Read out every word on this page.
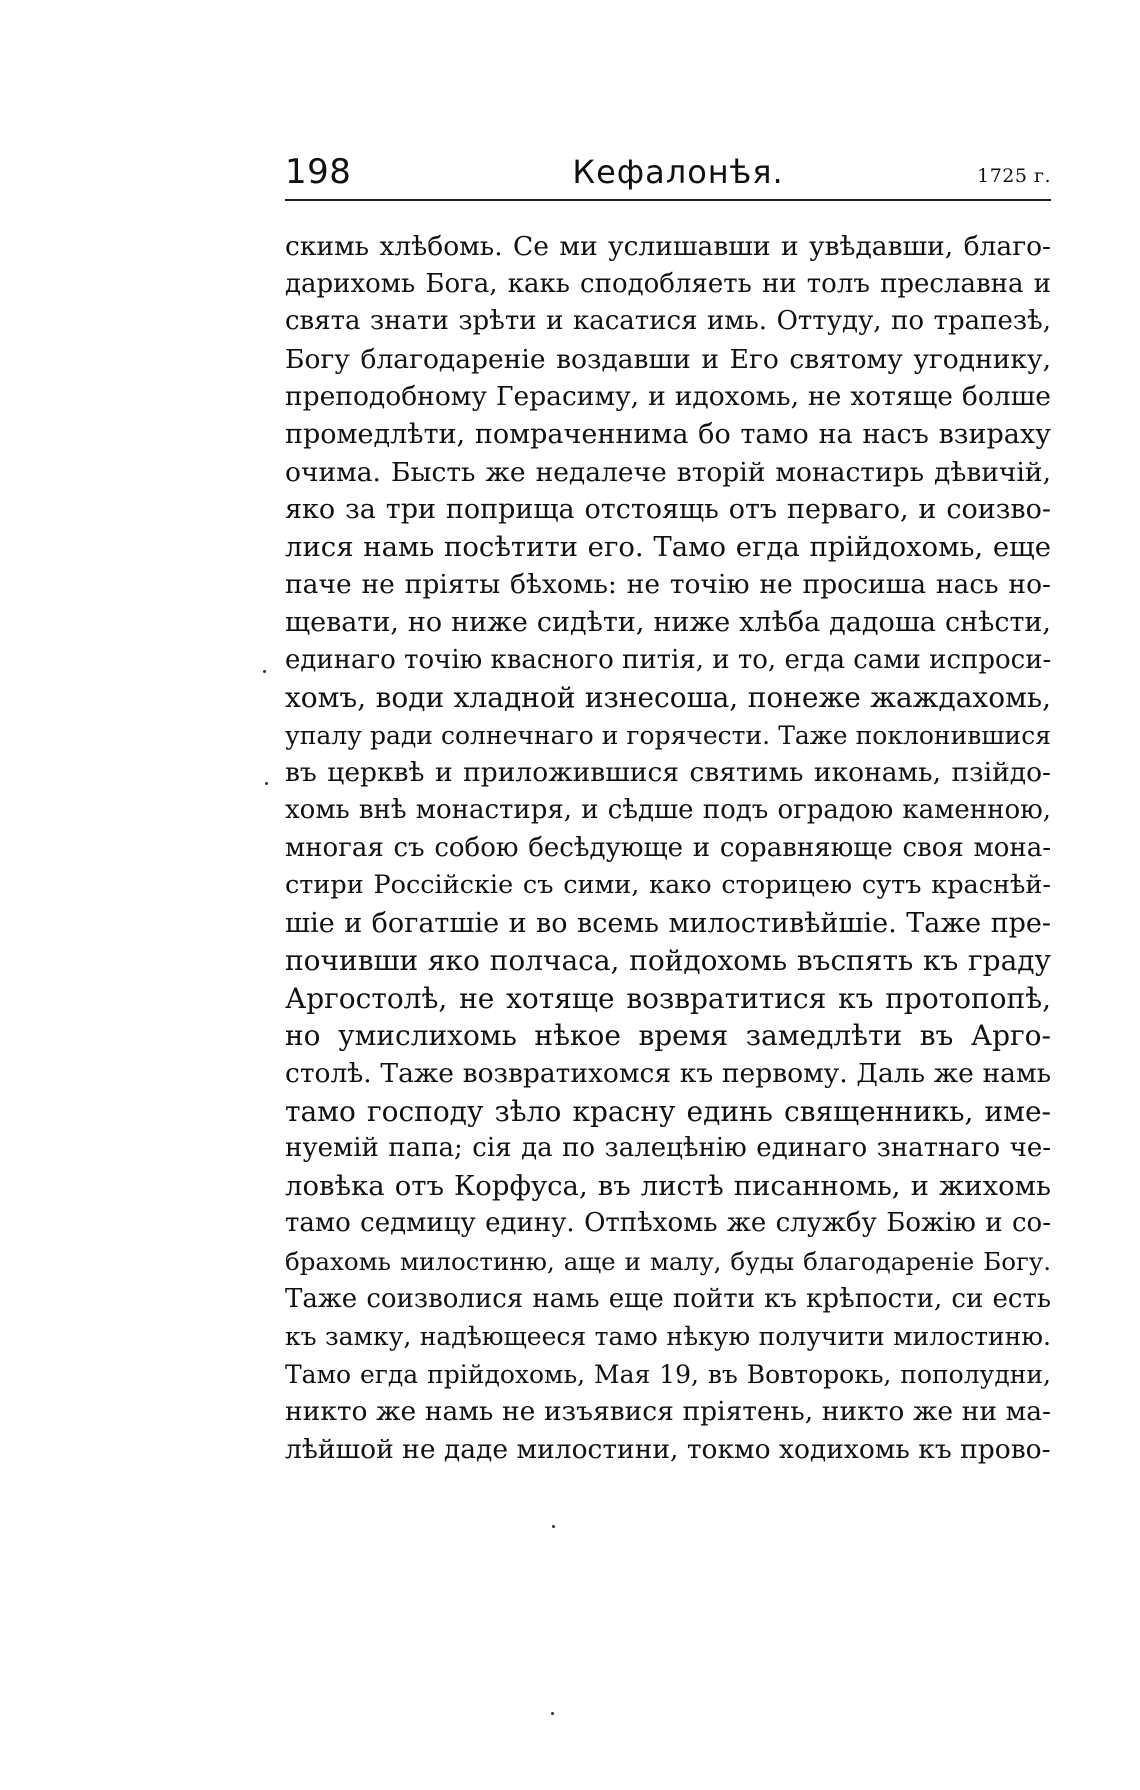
198	Кефалонѣя.	1725 г.
скимь хлѣбомь. Се ми услишавши и увѣдавши, благо-
дарихомь Бога, какь сподобляеть ни толъ преславна и
свята знати зрѣти и касатися имь. Оттуду, по трапезѣ,
Богу благодареніе воздавши и Его святому угоднику,
преподобному Герасиму, и идохомь, не хотяще болше
промедлѣти, помраченнима бо тамо на насъ взираху
очима. Бысть же недалече вторій монастирь дѣвичій,
яко за три поприща отстоящь отъ перваго, и соизво-
лися намь посѣтити его. Тамо егда прійдохомь, еще
паче не пріяты бѣхомь: не точію не просиша нась но-
щевати, но ниже сидѣти, ниже хлѣба дадоша снѣсти,
единаго точію квасного питія, и то, егда сами испроси-
хомъ, води хладной изнесоша, понеже жаждахомь,
упалу ради солнечнаго и горячести. Таже поклонившися
въ церквѣ и приложившися святимь иконамь, пзійдо-
хомь внѣ монастиря, и сѣдше подъ оградою каменною,
многая съ собою бесѣдующе и соравняюще своя мона-
стири Россійскіе съ сими, како сторицею сутъ краснѣй-
шіе и богатшіе и во всемь милостивѣйшіе. Таже пре-
почивши яко полчаса, пойдохомь въспять къ граду
Аргостолѣ, не хотяще возвратитися къ протопопѣ,
но умислихомь нѣкое время замедлѣти въ Арго-
столѣ. Таже возвратихомся къ первому. Даль же намь
тамо господу зѣло красну единь священникь, име-
нуемій папа; сія да по залецѣнію единаго знатнаго че-
ловѣка отъ Корфуса, въ листѣ писанномь, и жихомь
тамо седмицу едину. Отпѣхомь же службу Божію и со-
брахомь милостиню, аще и малу, буды благодареніе Богу.
Таже соизволися намь еще пойти къ крѣпости, си есть
къ замку, надѣющееся тамо нѣкую получити милостиню.
Тамо егда прійдохомь, Мая 19, въ Вовторокь, пополудни,
никто же намь не изъявися пріятень, никто же ни ма-
лѣйшой не даде милостини, токмо ходихомь къ прово-
